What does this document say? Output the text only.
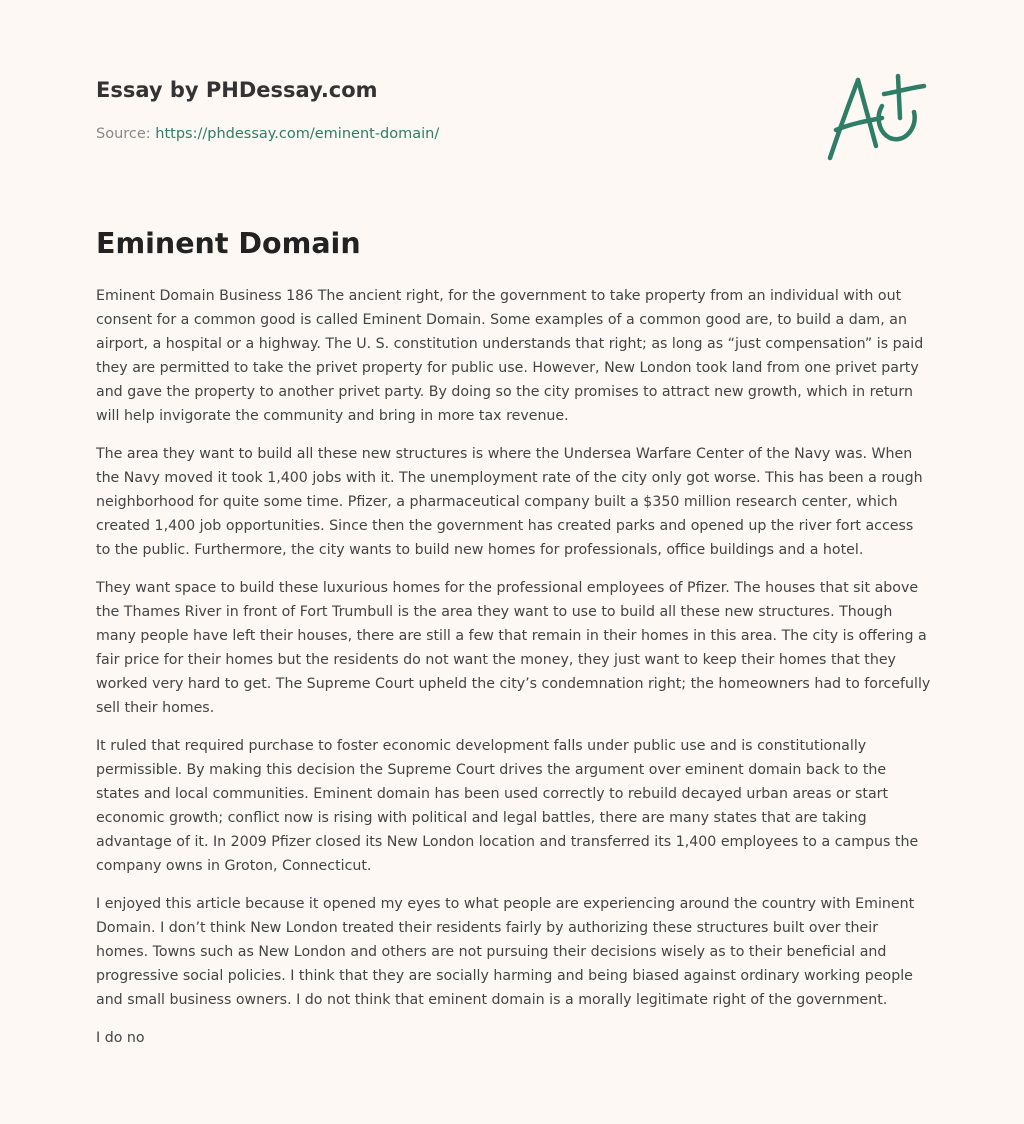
Essay by PHDessay.com
Source: https://phdessay.com/eminent-domain/
Eminent Domain

Eminent Domain Business 186 The ancient right, for the government to take property from an individual with out consent for a common good is called Eminent Domain. Some examples of a common good are, to build a dam, an airport, a hospital or a highway. The U. S. constitution understands that right; as long as “just compensation” is paid they are permitted to take the privet property for public use. However, New London took land from one privet party and gave the property to another privet party. By doing so the city promises to attract new growth, which in return will help invigorate the community and bring in more tax revenue.

The area they want to build all these new structures is where the Undersea Warfare Center of the Navy was. When the Navy moved it took 1,400 jobs with it. The unemployment rate of the city only got worse. This has been a rough neighborhood for quite some time. Pfizer, a pharmaceutical company built a $350 million research center, which created 1,400 job opportunities. Since then the government has created parks and opened up the river fort access to the public. Furthermore, the city wants to build new homes for professionals, office buildings and a hotel.

They want space to build these luxurious homes for the professional employees of Pfizer. The houses that sit above the Thames River in front of Fort Trumbull is the area they want to use to build all these new structures. Though many people have left their houses, there are still a few that remain in their homes in this area. The city is offering a fair price for their homes but the residents do not want the money, they just want to keep their homes that they worked very hard to get. The Supreme Court upheld the city’s condemnation right; the homeowners had to forcefully sell their homes.

It ruled that required purchase to foster economic development falls under public use and is constitutionally permissible. By making this decision the Supreme Court drives the argument over eminent domain back to the states and local communities. Eminent domain has been used correctly to rebuild decayed urban areas or start economic growth; conflict now is rising with political and legal battles, there are many states that are taking advantage of it. In 2009 Pfizer closed its New London location and transferred its 1,400 employees to a campus the company owns in Groton, Connecticut.

I enjoyed this article because it opened my eyes to what people are experiencing around the country with Eminent Domain. I don’t think New London treated their residents fairly by authorizing these structures built over their homes. Towns such as New London and others are not pursuing their decisions wisely as to their beneficial and progressive social policies. I think that they are socially harming and being biased against ordinary working people and small business owners. I do not think that eminent domain is a morally legitimate right of the government.

I do no
